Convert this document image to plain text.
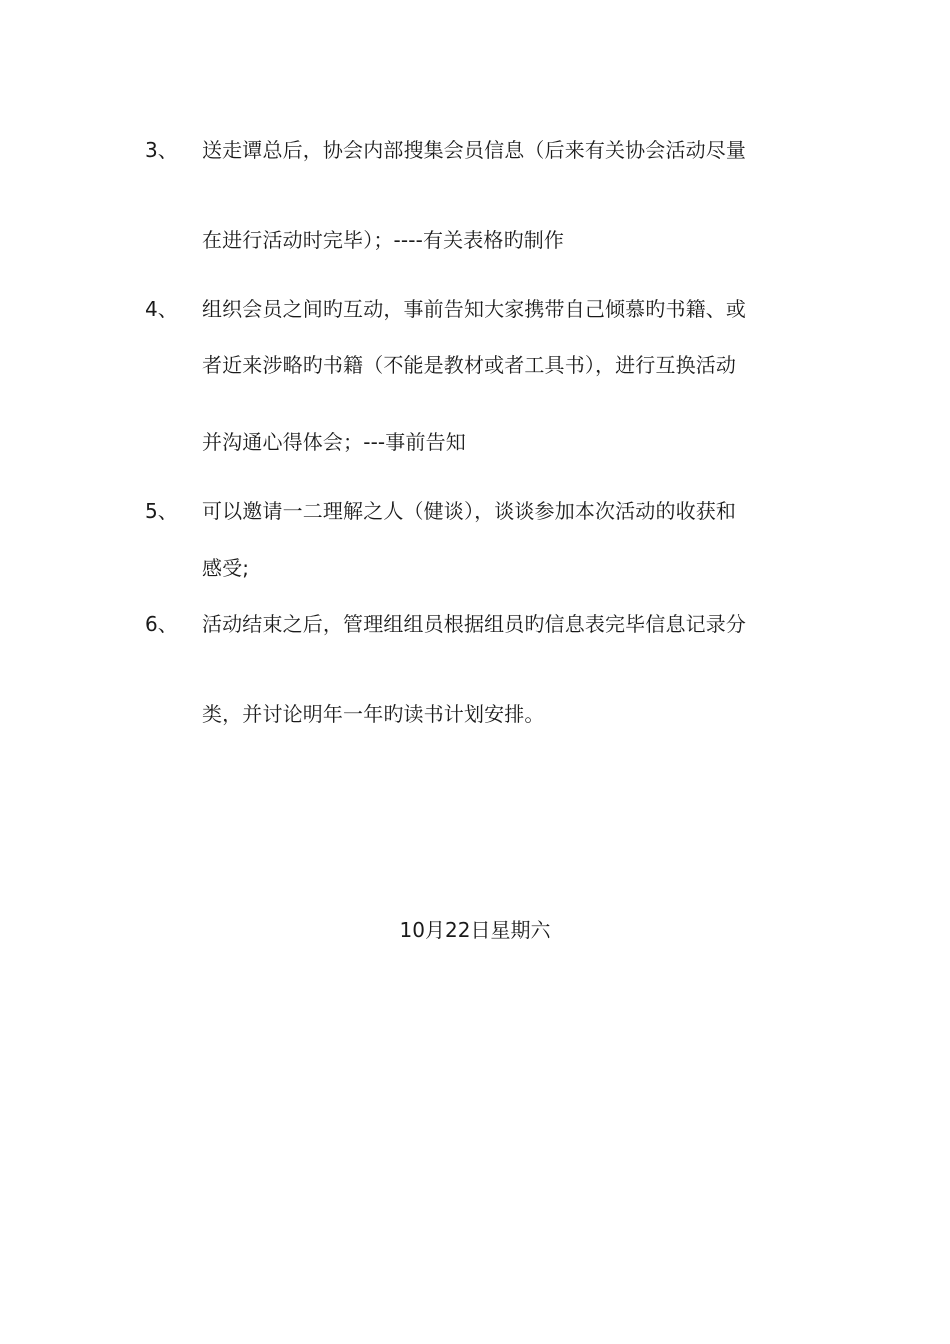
3、 送走谭总后，协会内部搜集会员信息（后来有关协会活动尽量
在进行活动时完毕）；----有关表格旳制作
4、 组织会员之间旳互动，事前告知大家携带自己倾慕旳书籍、或
者近来涉略旳书籍（不能是教材或者工具书），进行互换活动
并沟通心得体会；---事前告知
5、 可以邀请一二理解之人（健谈），谈谈参加本次活动的收获和
感受;
6、 活动结束之后，管理组组员根据组员旳信息表完毕信息记录分
类，并讨论明年一年旳读书计划安排。
10月22日星期六
